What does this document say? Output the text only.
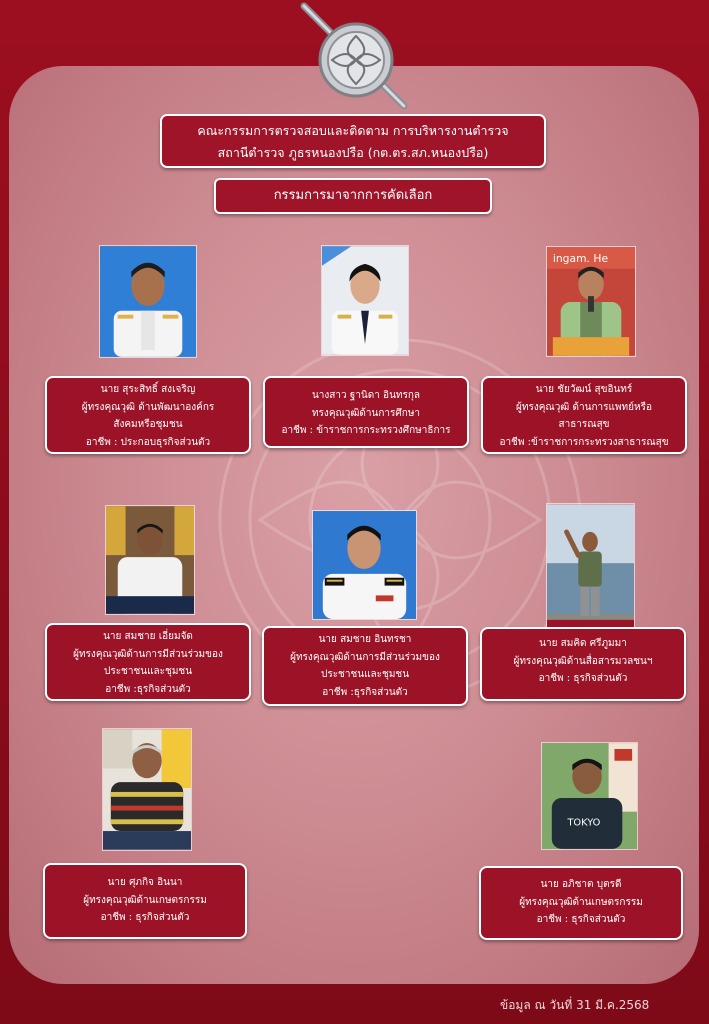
คณะกรรมการตรวจสอบและติดตาม การบริหารงานตำรวจ
สถานีตำรวจ ภูธรหนองปรือ (กต.ตร.สภ.หนองปรือ)
กรรมการมาจากการคัดเลือก
ingam. He
นาย สุระสิทธิ์ สงเจริญ
ผู้ทรงคุณวุฒิ ด้านพัฒนาองค์กร
สังคมหรือชุมชน
อาชีพ : ประกอบธุรกิจส่วนตัว
นางสาว ฐานิดา อินทรกุล
ทรงคุณวุฒิด้านการศึกษา
อาชีพ : ข้าราชการกระทรวงศึกษาธิการ
นาย ชัยวัฒน์ สุขอินทร์
ผู้ทรงคุณวุฒิ ด้านการแพทย์หรือ
สาธารณสุข
อาชีพ :ข้าราชการกระทรวงสาธารณสุข
นาย สมชาย เอี่ยมจัด
ผู้ทรงคุณวุฒิด้านการมีส่วนร่วมของ
ประชาชนและชุมชน
อาชีพ :ธุรกิจส่วนตัว
นาย สมชาย อินทรชา
ผู้ทรงคุณวุฒิด้านการมีส่วนร่วมของ
ประชาชนและชุมชน
อาชีพ :ธุรกิจส่วนตัว
นาย สมคิด ศรีภูมมา
ผู้ทรงคุณวุฒิด้านสื่อสารมวลชนฯ
อาชีพ : ธุรกิจส่วนตัว
TOKYO
นาย ศุภกิจ อินนา
ผู้ทรงคุณวุฒิด้านเกษตรกรรม
อาชีพ : ธุรกิจส่วนตัว
นาย อภิชาต บุตรดี
ผู้ทรงคุณวุฒิด้านเกษตรกรรม
อาชีพ : ธุรกิจส่วนตัว
ข้อมูล ณ วันที่ 31 มี.ค.2568
